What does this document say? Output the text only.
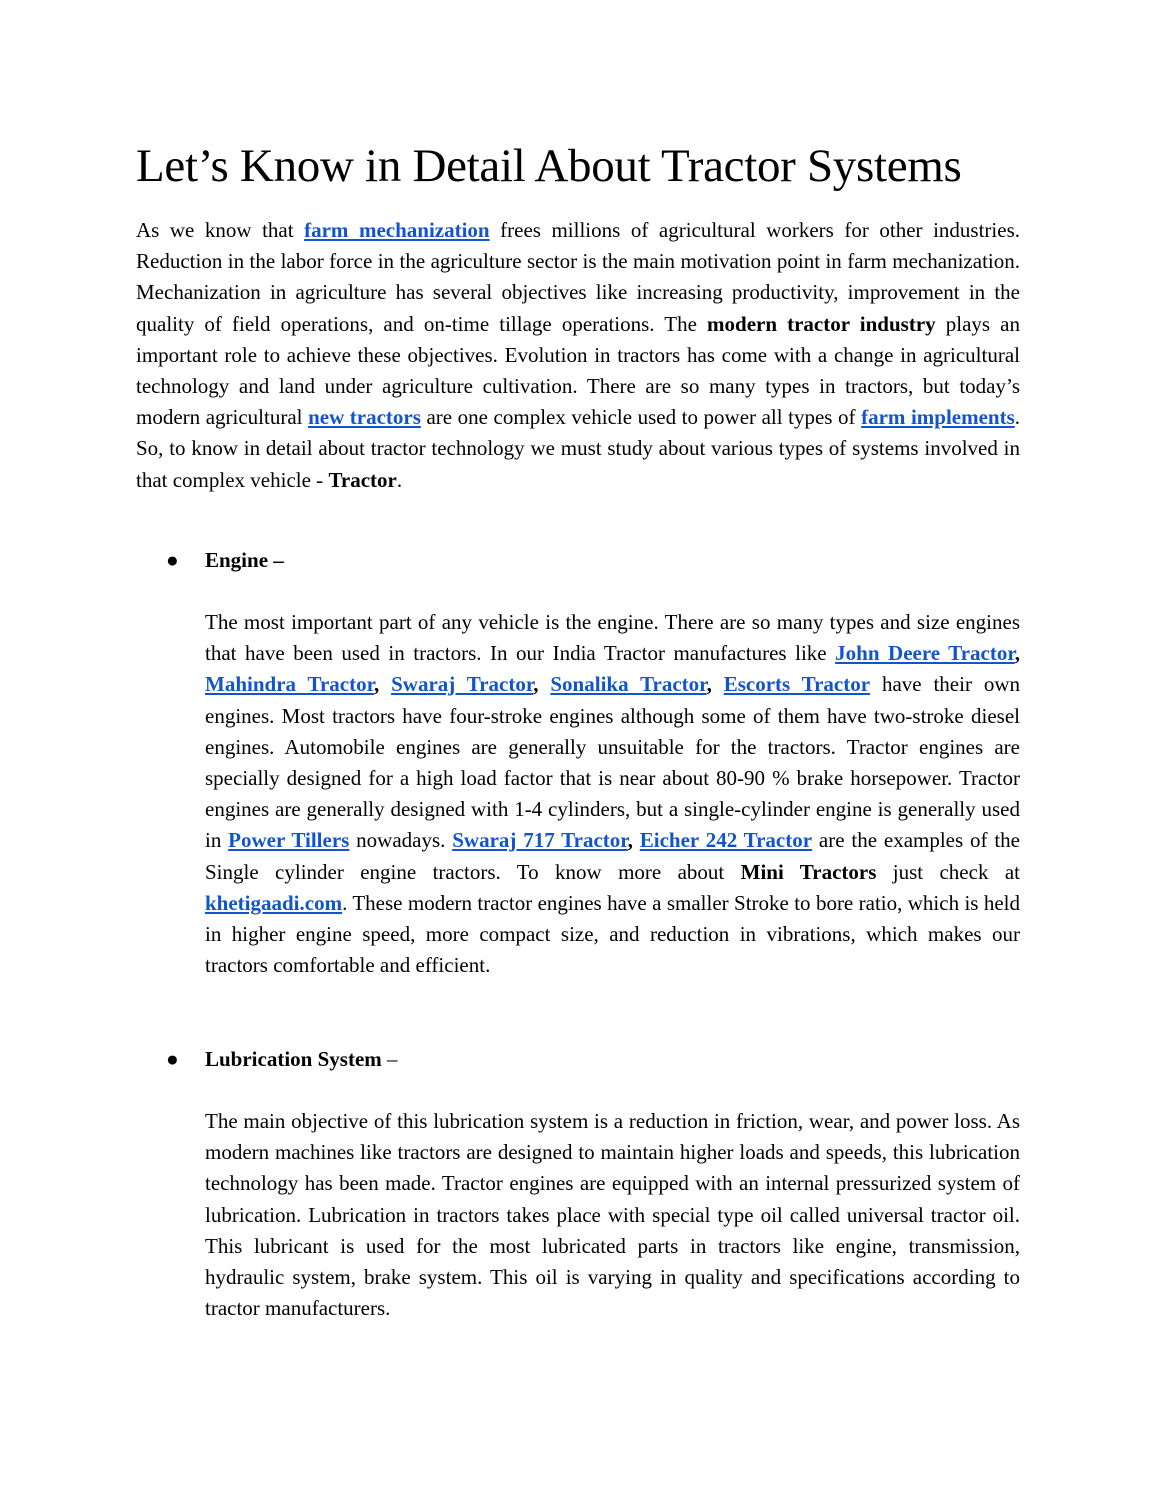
Let’s Know in Detail About Tractor Systems

As we know that farm mechanization frees millions of agricultural workers for other industries. Reduction in the labor force in the agriculture sector is the main motivation point in farm mechanization. Mechanization in agriculture has several objectives like increasing productivity, improvement in the quality of field operations, and on-time tillage operations. The modern tractor industry plays an important role to achieve these objectives. Evolution in tractors has come with a change in agricultural technology and land under agriculture cultivation. There are so many types in tractors, but today’s modern agricultural new tractors are one complex vehicle used to power all types of farm implements. So, to know in detail about tractor technology we must study about various types of systems involved in that complex vehicle - Tractor.

● Engine –

The most important part of any vehicle is the engine. There are so many types and size engines that have been used in tractors. In our India Tractor manufactures like John Deere Tractor, Mahindra Tractor, Swaraj Tractor, Sonalika Tractor, Escorts Tractor have their own engines. Most tractors have four-stroke engines although some of them have two-stroke diesel engines. Automobile engines are generally unsuitable for the tractors. Tractor engines are specially designed for a high load factor that is near about 80-90 % brake horsepower. Tractor engines are generally designed with 1-4 cylinders, but a single-cylinder engine is generally used in Power Tillers nowadays. Swaraj 717 Tractor, Eicher 242 Tractor are the examples of the Single cylinder engine tractors. To know more about Mini Tractors just check at khetigaadi.com. These modern tractor engines have a smaller Stroke to bore ratio, which is held in higher engine speed, more compact size, and reduction in vibrations, which makes our tractors comfortable and efficient.

● Lubrication System –

The main objective of this lubrication system is a reduction in friction, wear, and power loss. As modern machines like tractors are designed to maintain higher loads and speeds, this lubrication technology has been made. Tractor engines are equipped with an internal pressurized system of lubrication. Lubrication in tractors takes place with special type oil called universal tractor oil. This lubricant is used for the most lubricated parts in tractors like engine, transmission, hydraulic system, brake system. This oil is varying in quality and specifications according to tractor manufacturers.
